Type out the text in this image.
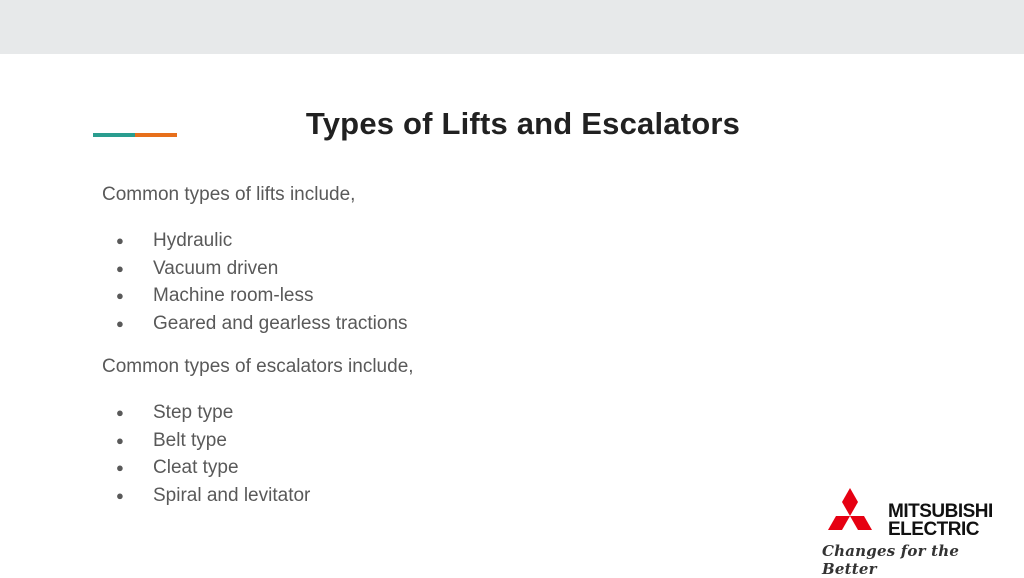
Types of Lifts and Escalators
Common types of lifts include,
● Hydraulic
● Vacuum driven
● Machine room-less
● Geared and gearless tractions
Common types of escalators include,
● Step type
● Belt type
● Cleat type
● Spiral and levitator
MITSUBISHI
ELECTRIC
Changes for the Better
